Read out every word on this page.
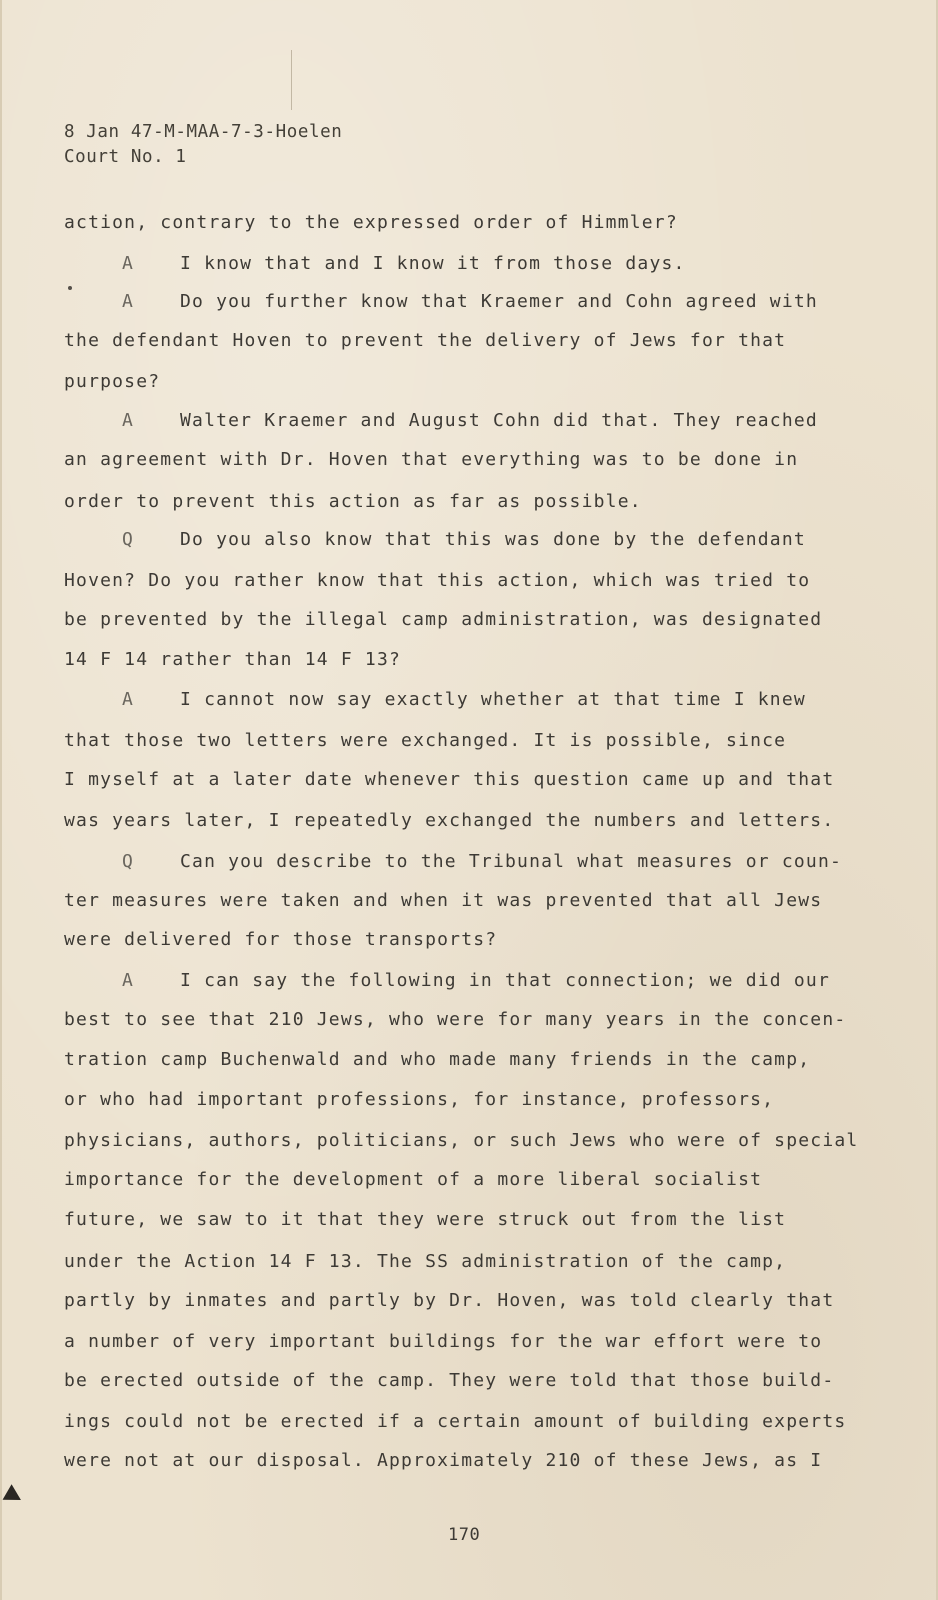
8 Jan 47-M-MAA-7-3-Hoelen
Court No. 1
action, contrary to the expressed order of Himmler?
A	I know that and I know it from those days.
A	Do you further know that Kraemer and Cohn agreed with
the defendant Hoven to prevent the delivery of Jews for that
purpose?
A	Walter Kraemer and August Cohn did that. They reached
an agreement with Dr. Hoven that everything was to be done in
order to prevent this action as far as possible.
Q	Do you also know that this was done by the defendant
Hoven? Do you rather know that this action, which was tried to
be prevented by the illegal camp administration, was designated
14 F 14 rather than 14 F 13?
A	I cannot now say exactly whether at that time I knew
that those two letters were exchanged. It is possible, since
I myself at a later date whenever this question came up and that
was years later, I repeatedly exchanged the numbers and letters.
Q	Can you describe to the Tribunal what measures or coun-
ter measures were taken and when it was prevented that all Jews
were delivered for those transports?
A	I can say the following in that connection; we did our
best to see that 210 Jews, who were for many years in the concen-
tration camp Buchenwald and who made many friends in the camp,
or who had important professions, for instance, professors,
physicians, authors, politicians, or such Jews who were of special
importance for the development of a more liberal socialist
future, we saw to it that they were struck out from the list
under the Action 14 F 13. The SS administration of the camp,
partly by inmates and partly by Dr. Hoven, was told clearly that
a number of very important buildings for the war effort were to
be erected outside of the camp. They were told that those build-
ings could not be erected if a certain amount of building experts
were not at our disposal. Approximately 210 of these Jews, as I
170
